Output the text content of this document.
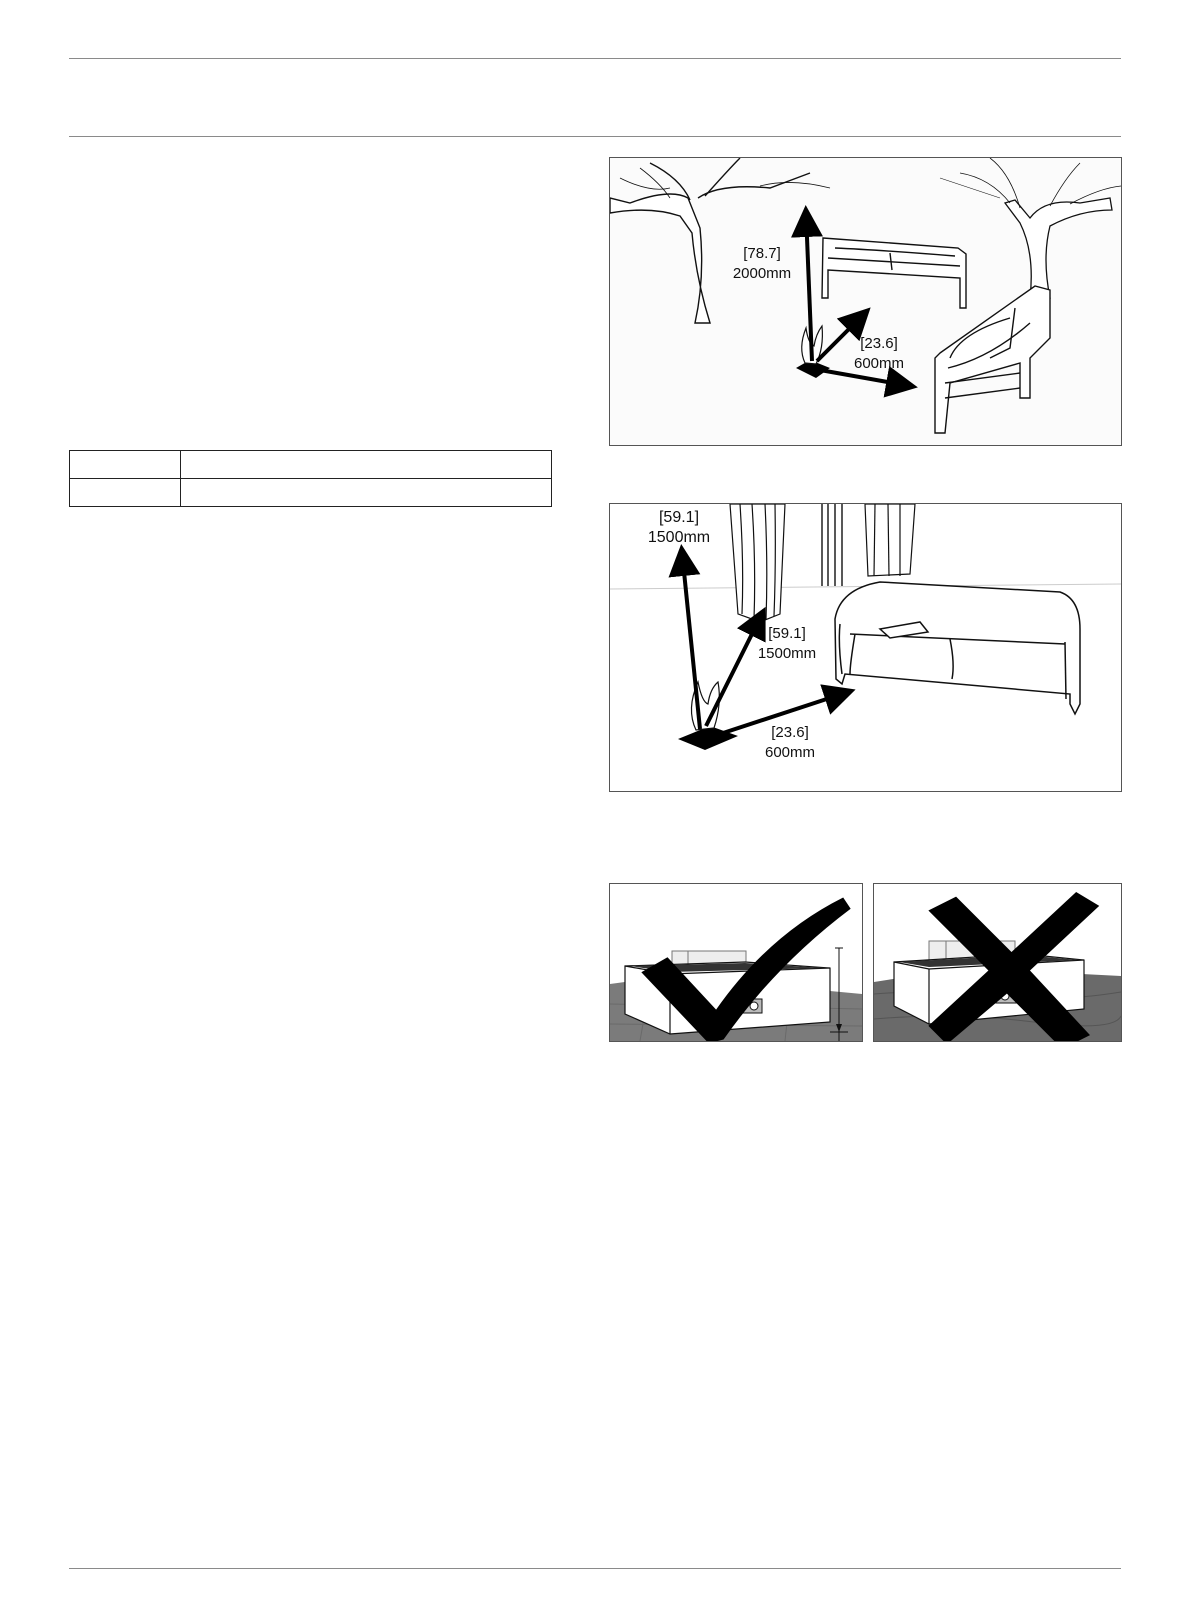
[78.7]
2000mm
[23.6]
600mm
[59.1]
1500mm
[59.1]
1500mm
[23.6]
600mm
